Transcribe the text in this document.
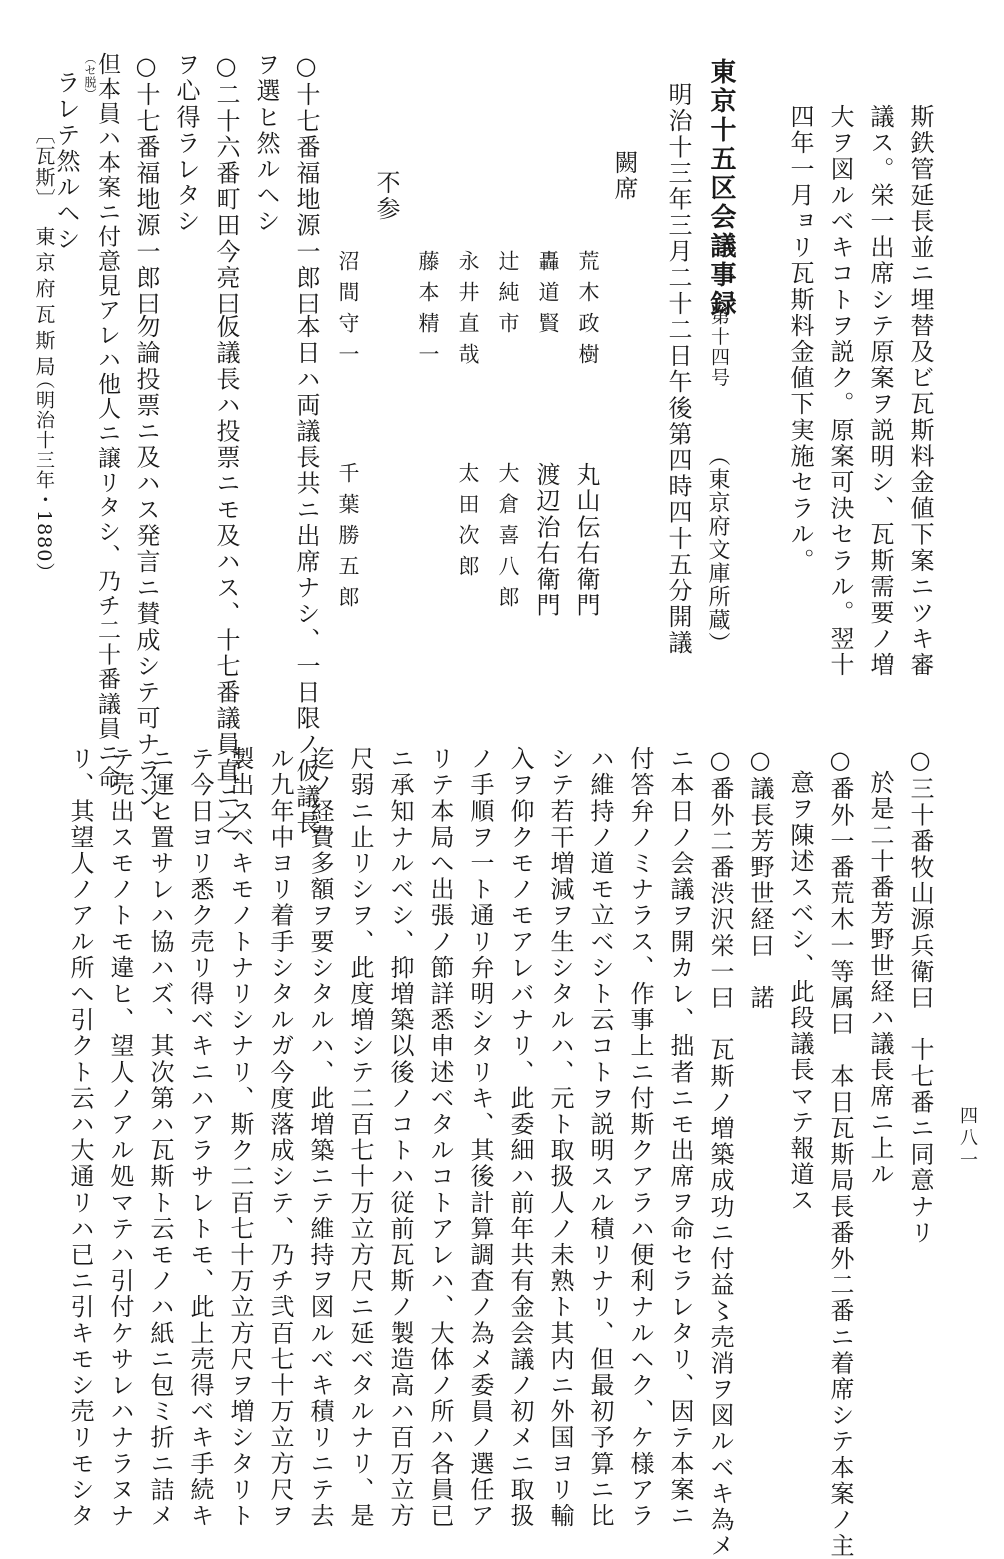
斯鉄管延長並ニ埋替及ビ瓦斯料金値下案ニツキ審
議ス。栄一出席シテ原案ヲ説明シ、瓦斯需要ノ増
大ヲ図ルベキコトヲ説ク。原案可決セラル。翌十
四年一月ョリ瓦斯料金値下実施セラル。
東京十五区会議事録
第十四号
（東京府文庫所蔵）
明治十三年三月二十二日午後第四時四十五分開議
闕席
荒木政樹
丸山伝右衛門
轟道賢
渡辺治右衛門
辻純市
大倉喜八郎
永井直哉
太田次郎
藤本精一
不参
沼間守一
千葉勝五郎
○十七番福地源一郎曰
本日ハ両議長共ニ出席ナシ、一日限ノ仮議長
ヲ選ヒ然ルヘシ
○二十六番町田今亮曰
仮議長ハ投票ニモ及ハス、十七番議員直ニ之
ヲ心得ラレタシ
○十七番福地源一郎曰
勿論投票ニ及ハス発言ニ賛成シテ可ナラン、
但本員ハ本案ニ付意見アレハ他人ニ譲リタシ、乃チ二十番議員ニ命
（セ脱）
ラレテ然ルヘシ
〔瓦斯〕
東京府瓦斯局
（明治十三年・1880）
○三十番牧山源兵衛曰　十七番ニ同意ナリ
於是二十番芳野世経ハ議長席ニ上ル
○番外一番荒木一等属曰　本日瓦斯局長番外二番ニ着席シテ本案ノ主
意ヲ陳述スベシ、此段議長マテ報道ス
○議長芳野世経曰　諾
○番外二番渋沢栄一曰　瓦斯ノ増築成功ニ付益〻売消ヲ図ルベキ為メ
ニ本日ノ会議ヲ開カレ、拙者ニモ出席ヲ命セラレタリ、因テ本案ニ
付答弁ノミナラス、作事上ニ付斯クアラハ便利ナルヘク、ケ様アラ
ハ維持ノ道モ立ベシト云コトヲ説明スル積リナリ、但最初予算ニ比
シテ若干増減ヲ生シタルハ、元ト取扱人ノ未熟ト其内ニ外国ヨリ輸
入ヲ仰クモノモアレバナリ、此委細ハ前年共有金会議ノ初メニ取扱
ノ手順ヲ一ト通リ弁明シタリキ、其後計算調査ノ為メ委員ノ選任ア
リテ本局へ出張ノ節詳悉申述ベタルコトアレハ、大体ノ所ハ各員已
ニ承知ナルベシ、抑増築以後ノコトハ従前瓦斯ノ製造高ハ百万立方
尺弱ニ止リシヲ、此度増シテ二百七十万立方尺ニ延ベタルナリ、是
迄ノ経費多額ヲ要シタルハ、此増築ニテ維持ヲ図ルべキ積リニテ去
ル九年中ヨリ着手シタルガ今度落成シテ、乃チ弐百七十万立方尺ヲ
製出スベキモノトナリシナリ、斯ク二百七十万立方尺ヲ増シタリト
テ今日ヨリ悉ク売リ得ベキニハアラサレトモ、此上売得ベキ手続キ
ニ運ヒ置サレハ協ハズ、其次第ハ瓦斯ト云モノハ紙ニ包ミ折ニ詰メ
テ売出スモノトモ違ヒ、望人ノアル処マテハ引付ケサレハナラヌナ
リ、其望人ノアル所へ引クト云ハ大通リハ已ニ引キモシ売リモシタ	四八一
